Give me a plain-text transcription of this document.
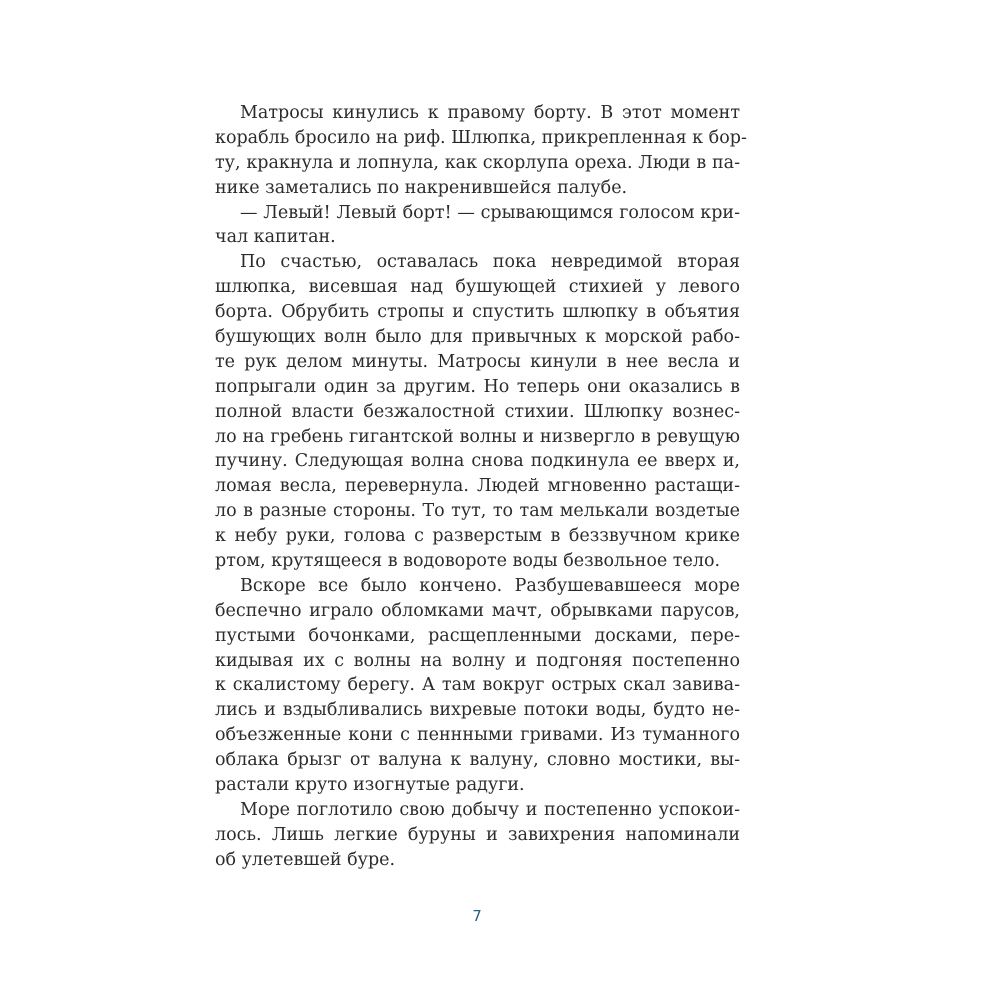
Матросы кинулись к правому борту. В этот момент
корабль бросило на риф. Шлюпка, прикрепленная к бор-
ту, кракнула и лопнула, как скорлупа ореха. Люди в па-
нике заметались по накренившейся палубе.
— Левый! Левый борт! — срывающимся голосом кри-
чал капитан.
По счастью, оставалась пока невредимой вторая
шлюпка, висевшая над бушующей стихией у левого
борта. Обрубить стропы и спустить шлюпку в объятия
бушующих волн было для привычных к морской рабо-
те рук делом минуты. Матросы кинули в нее весла и
попрыгали один за другим. Но теперь они оказались в
полной власти безжалостной стихии. Шлюпку вознес-
ло на гребень гигантской волны и низвергло в ревущую
пучину. Следующая волна снова подкинула ее вверх и,
ломая весла, перевернула. Людей мгновенно растащи-
ло в разные стороны. То тут, то там мелькали воздетые
к небу руки, голова с разверстым в беззвучном крике
ртом, крутящееся в водовороте воды безвольное тело.
Вскоре все было кончено. Разбушевавшееся море
беспечно играло обломками мачт, обрывками парусов,
пустыми бочонками, расщепленными досками, пере-
кидывая их с волны на волну и подгоняя постепенно
к скалистому берегу. А там вокруг острых скал завива-
лись и вздыбливались вихревые потоки воды, будто не-
объезженные кони с пеннными гривами. Из туманного
облака брызг от валуна к валуну, словно мостики, вы-
растали круто изогнутые радуги.
Море поглотило свою добычу и постепенно успокои-
лось. Лишь легкие буруны и завихрения напоминали
об улетевшей буре.
7
